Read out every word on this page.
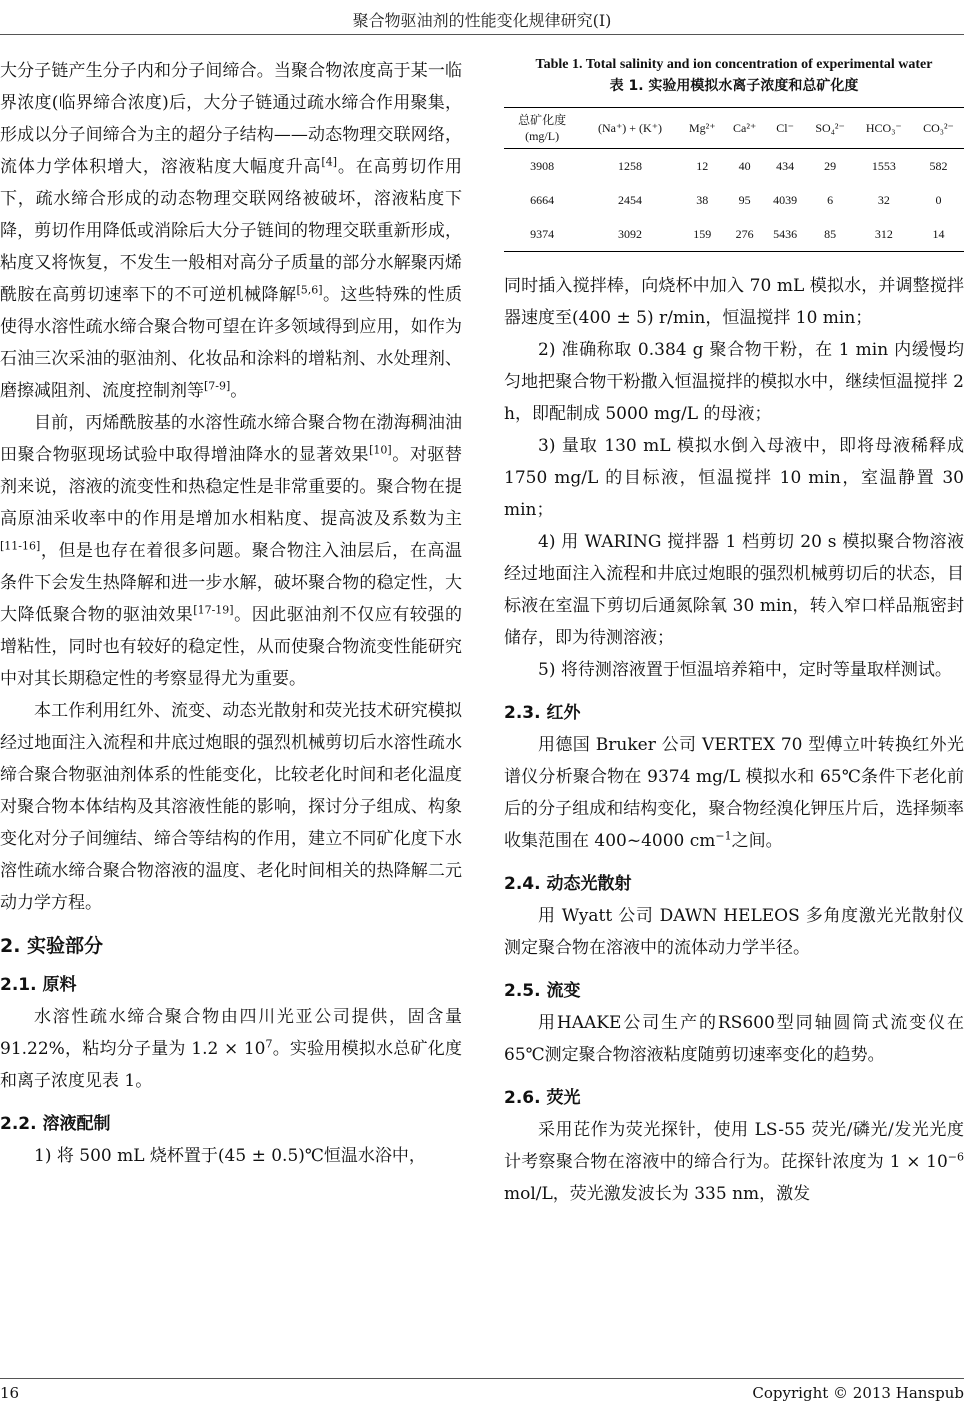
聚合物驱油剂的性能变化规律研究(I)

大分子链产生分子内和分子间缔合。当聚合物浓度高于某一临界浓度(临界缔合浓度)后，大分子链通过疏水缔合作用聚集，形成以分子间缔合为主的超分子结构——动态物理交联网络，流体力学体积增大，溶液粘度大幅度升高[4]。在高剪切作用下，疏水缔合形成的动态物理交联网络被破坏，溶液粘度下降，剪切作用降低或消除后大分子链间的物理交联重新形成，粘度又将恢复，不发生一般相对高分子质量的部分水解聚丙烯酰胺在高剪切速率下的不可逆机械降解[5,6]。这些特殊的性质使得水溶性疏水缔合聚合物可望在许多领域得到应用，如作为石油三次采油的驱油剂、化妆品和涂料的增粘剂、水处理剂、磨擦减阻剂、流度控制剂等[7-9]。

目前，丙烯酰胺基的水溶性疏水缔合聚合物在渤海稠油油田聚合物驱现场试验中取得增油降水的显著效果[10]。对驱替剂来说，溶液的流变性和热稳定性是非常重要的。聚合物在提高原油采收率中的作用是增加水相粘度、提高波及系数为主[11-16]，但是也存在着很多问题。聚合物注入油层后，在高温条件下会发生热降解和进一步水解，破坏聚合物的稳定性，大大降低聚合物的驱油效果[17-19]。因此驱油剂不仅应有较强的增粘性，同时也有较好的稳定性，从而使聚合物流变性能研究中对其长期稳定性的考察显得尤为重要。

本工作利用红外、流变、动态光散射和荧光技术研究模拟经过地面注入流程和井底过炮眼的强烈机械剪切后水溶性疏水缔合聚合物驱油剂体系的性能变化，比较老化时间和老化温度对聚合物本体结构及其溶液性能的影响，探讨分子组成、构象变化对分子间缠结、缔合等结构的作用，建立不同矿化度下水溶性疏水缔合聚合物溶液的温度、老化时间相关的热降解二元动力学方程。

2. 实验部分
2.1. 原料

水溶性疏水缔合聚合物由四川光亚公司提供，固含量 91.22%，粘均分子量为 $1.2 \times 10^7$。实验用模拟水总矿化度和离子浓度见表 1。

2.2. 溶液配制

1) 将 500 mL 烧杯置于(45 ± 0.5)℃恒温水浴中，

Table 1. Total salinity and ion concentration of experimental water
表 1. 实验用模拟水离子浓度和总矿化度
总矿化度
(mg/L)	(Na⁺) + (K⁺)	Mg²⁺	Ca²⁺	Cl⁻	SO₄²⁻	HCO₃⁻	CO₃²⁻
3908	1258	12	40	434	29	1553	582
6664	2454	38	95	4039	6	32	0
9374	3092	159	276	5436	85	312	14

同时插入搅拌棒，向烧杯中加入 70 mL 模拟水，并调整搅拌器速度至(400 ± 5) r/min，恒温搅拌 10 min；

2) 准确称取 0.384 g 聚合物干粉，在 1 min 内缓慢均匀地把聚合物干粉撒入恒温搅拌的模拟水中，继续恒温搅拌 2 h，即配制成 5000 mg/L 的母液；

3) 量取 130 mL 模拟水倒入母液中，即将母液稀释成 1750 mg/L 的目标液，恒温搅拌 10 min，室温静置 30 min；

4) 用 WARING 搅拌器 1 档剪切 20 s 模拟聚合物溶液经过地面注入流程和井底过炮眼的强烈机械剪切后的状态，目标液在室温下剪切后通氮除氧 30 min，转入窄口样品瓶密封储存，即为待测溶液；

5) 将待测溶液置于恒温培养箱中，定时等量取样测试。

2.3. 红外

用德国 Bruker 公司 VERTEX 70 型傅立叶转换红外光谱仪分析聚合物在 9374 mg/L 模拟水和 65℃条件下老化前后的分子组成和结构变化，聚合物经溴化钾压片后，选择频率收集范围在 400~4000 $cm^{-1}$之间。

2.4. 动态光散射

用 Wyatt 公司 DAWN HELEOS 多角度激光光散射仪测定聚合物在溶液中的流体动力学半径。

2.5. 流变

用HAAKE公司生产的RS600型同轴圆筒式流变仪在 65℃测定聚合物溶液粘度随剪切速率变化的趋势。

2.6. 荧光

采用芘作为荧光探针，使用 LS-55 荧光/磷光/发光光度计考察聚合物在溶液中的缔合行为。芘探针浓度为 $1 \times 10^{-6}$ mol/L，荧光激发波长为 335 nm，激发

16	Copyright © 2013 Hanspub
